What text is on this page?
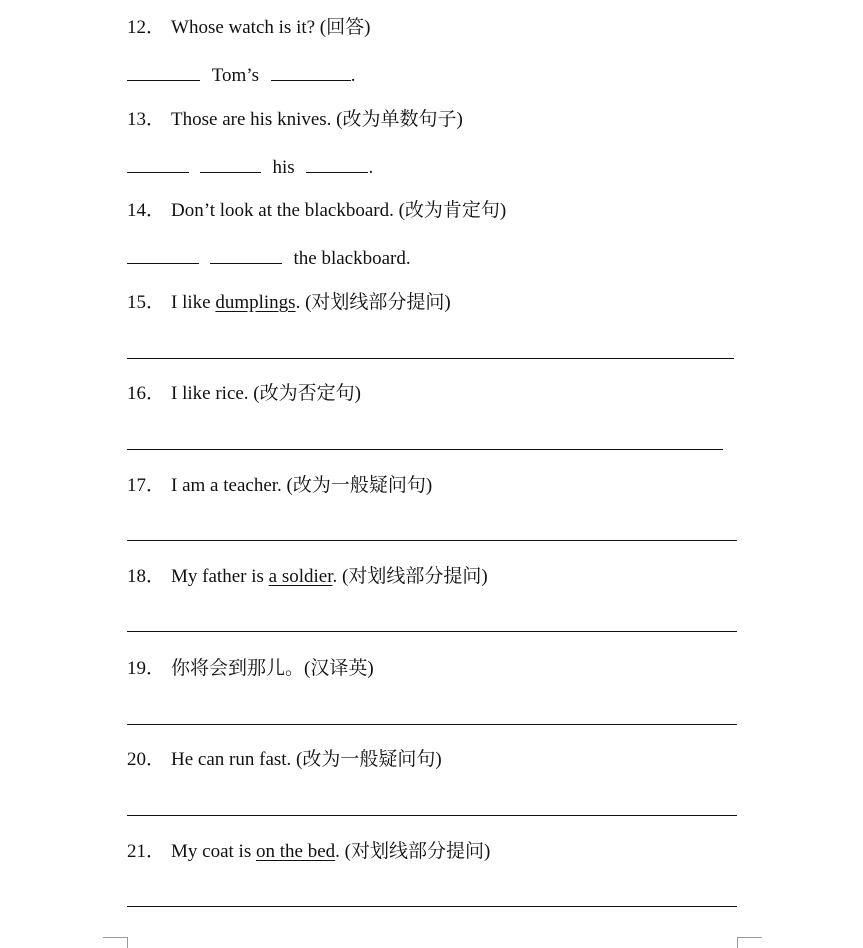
12． Whose watch is it? (回答)
Tom’s	.
13． Those are his knives. (改为单数句子)
his	.
14． Don’t look at the blackboard. (改为肯定句)
the blackboard.
15． I like dumplings. (对划线部分提问)
16． I like rice. (改为否定句)
17． I am a teacher. (改为一般疑问句)
18． My father is a soldier. (对划线部分提问)
19． 你将会到那儿。(汉译英)
20． He can run fast. (改为一般疑问句)
21． My coat is on the bed. (对划线部分提问)
